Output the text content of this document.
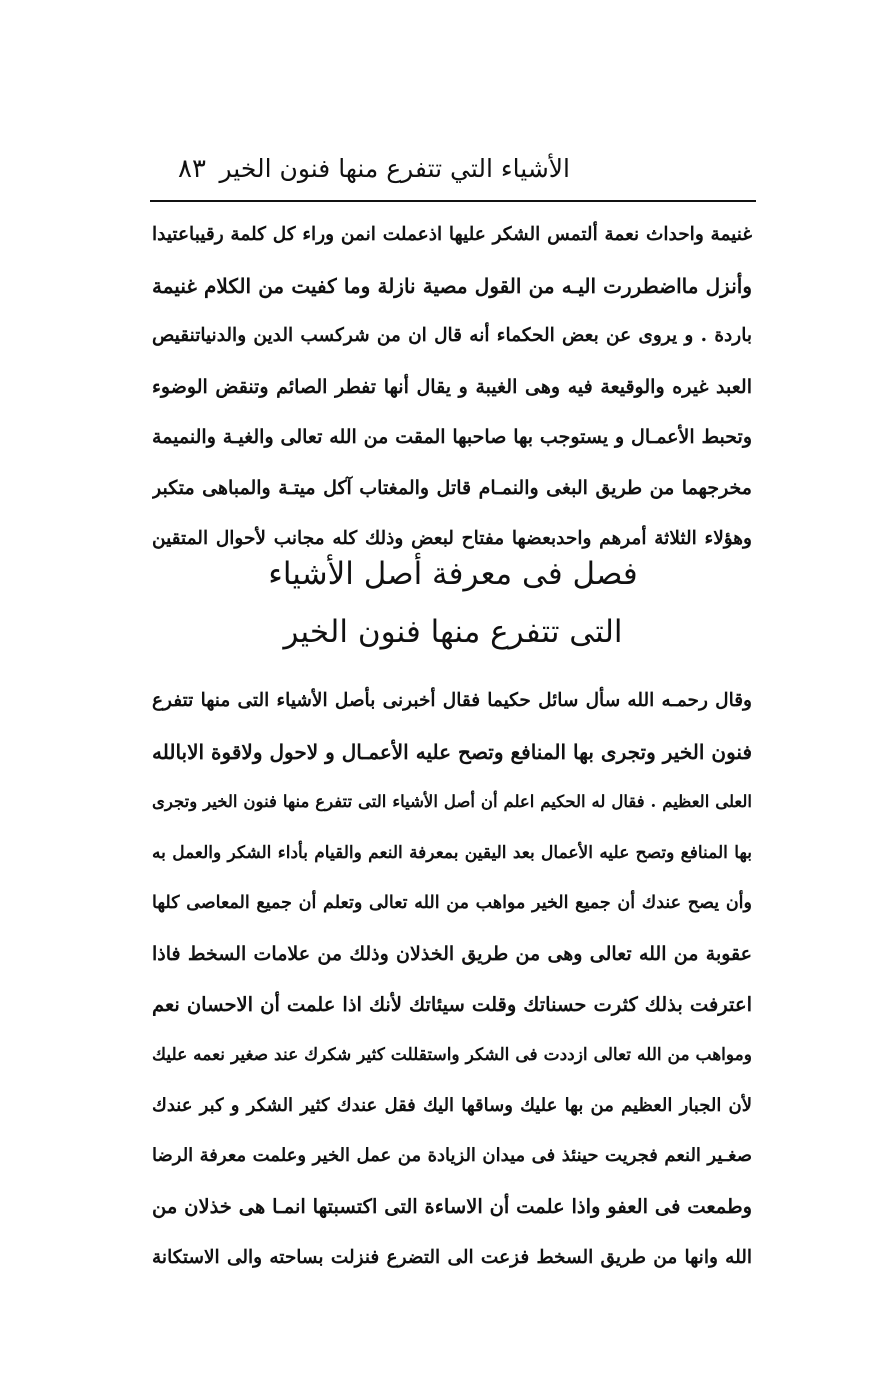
الأشياء التي تتفرع منها فنون الخير
٨٣
غنيمة واحداث نعمة ألتمس الشكر عليها اذعملت انمن وراء كل كلمة رقيباعتيدا
وأنزل مااضطررت اليـه من القول مصية نازلة وما كفيت من الكلام غنيمة
باردة . و يروى عن بعض الحكماء أنه قال ان من شركسب الدين والدنياتنقيص
العبد غيره والوقيعة فيه وهى الغيبة و يقال أنها تفطر الصائم وتنقض الوضوء
وتحبط الأعمـال و يستوجب بها صاحبها المقت من الله تعالى والغيـة والنميمة
مخرجهما من طريق البغى والنمـام قاتل والمغتاب آكل ميتـة والمباهى متكبر
وهؤلاء الثلاثة أمرهم واحدبعضها مفتاح لبعض وذلك كله مجانب لأحوال المتقين
فصل فى معرفة أصل الأشياء
التى تتفرع منها فنون الخير
وقال رحمـه الله سأل سائل حكيما فقال أخبرنى بأصل الأشياء التى منها تتفرع
فنون الخير وتجرى بها المنافع وتصح عليه الأعمـال و لاحول ولاقوة الابالله
العلى العظيم . فقال له الحكيم اعلم أن أصل الأشياء التى تتفرع منها فنون الخير وتجرى
بها المنافع وتصح عليه الأعمال بعد اليقين بمعرفة النعم والقيام بأداء الشكر والعمل به
وأن يصح عندك أن جميع الخير مواهب من الله تعالى وتعلم أن جميع المعاصى كلها
عقوبة من الله تعالى وهى من طريق الخذلان وذلك من علامات السخط فاذا
اعترفت بذلك كثرت حسناتك وقلت سيئاتك لأنك اذا علمت أن الاحسان نعم
ومواهب من الله تعالى ازددت فى الشكر واستقللت كثير شكرك عند صغير نعمه عليك
لأن الجبار العظيم من بها عليك وساقها اليك فقل عندك كثير الشكر و كبر عندك
صغـير النعم فجريت حينئذ فى ميدان الزيادة من عمل الخير وعلمت معرفة الرضا
وطمعت فى العفو واذا علمت أن الاساءة التى اكتسبتها انمـا هى خذلان من
الله وانها من طريق السخط فزعت الى التضرع فنزلت بساحته والى الاستكانة
